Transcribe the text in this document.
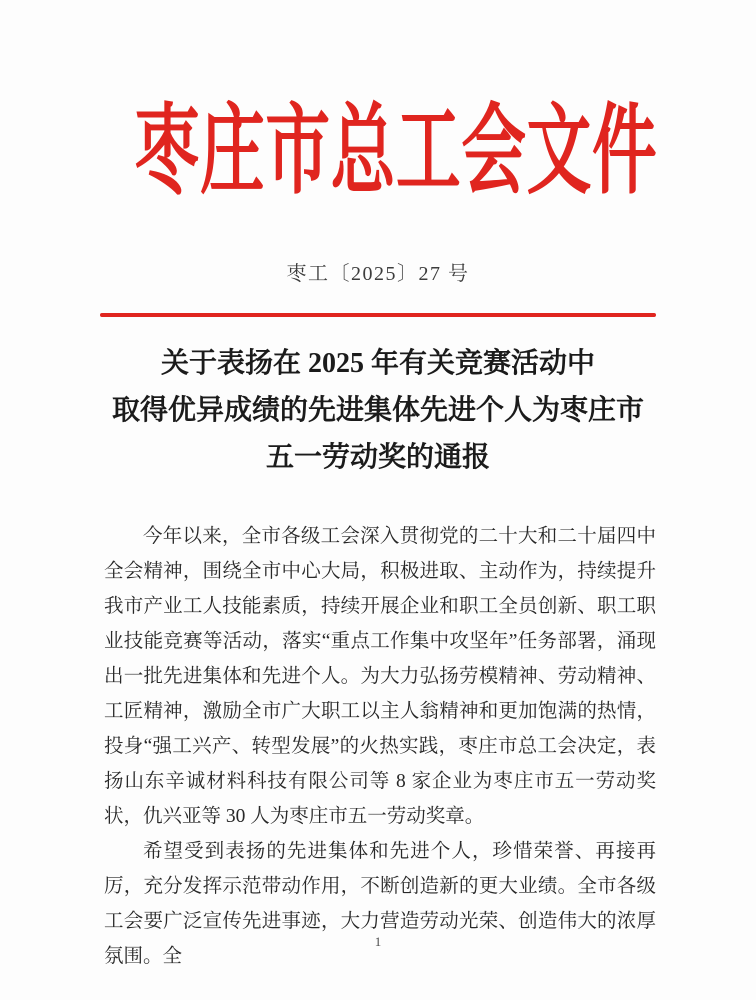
枣庄市总工会文件
枣工〔2025〕27 号
关于表扬在 2025 年有关竞赛活动中
取得优异成绩的先进集体先进个人为枣庄市
五一劳动奖的通报

今年以来，全市各级工会深入贯彻党的二十大和二十届四中全会精神，围绕全市中心大局，积极进取、主动作为，持续提升我市产业工人技能素质，持续开展企业和职工全员创新、职工职业技能竞赛等活动，落实“重点工作集中攻坚年”任务部署，涌现出一批先进集体和先进个人。为大力弘扬劳模精神、劳动精神、工匠精神，激励全市广大职工以主人翁精神和更加饱满的热情，投身“强工兴产、转型发展”的火热实践，枣庄市总工会决定，表扬山东辛诚材料科技有限公司等 8 家企业为枣庄市五一劳动奖状，仇兴亚等 30 人为枣庄市五一劳动奖章。

希望受到表扬的先进集体和先进个人，珍惜荣誉、再接再厉，充分发挥示范带动作用，不断创造新的更大业绩。全市各级工会要广泛宣传先进事迹，大力营造劳动光荣、创造伟大的浓厚氛围。全

1
